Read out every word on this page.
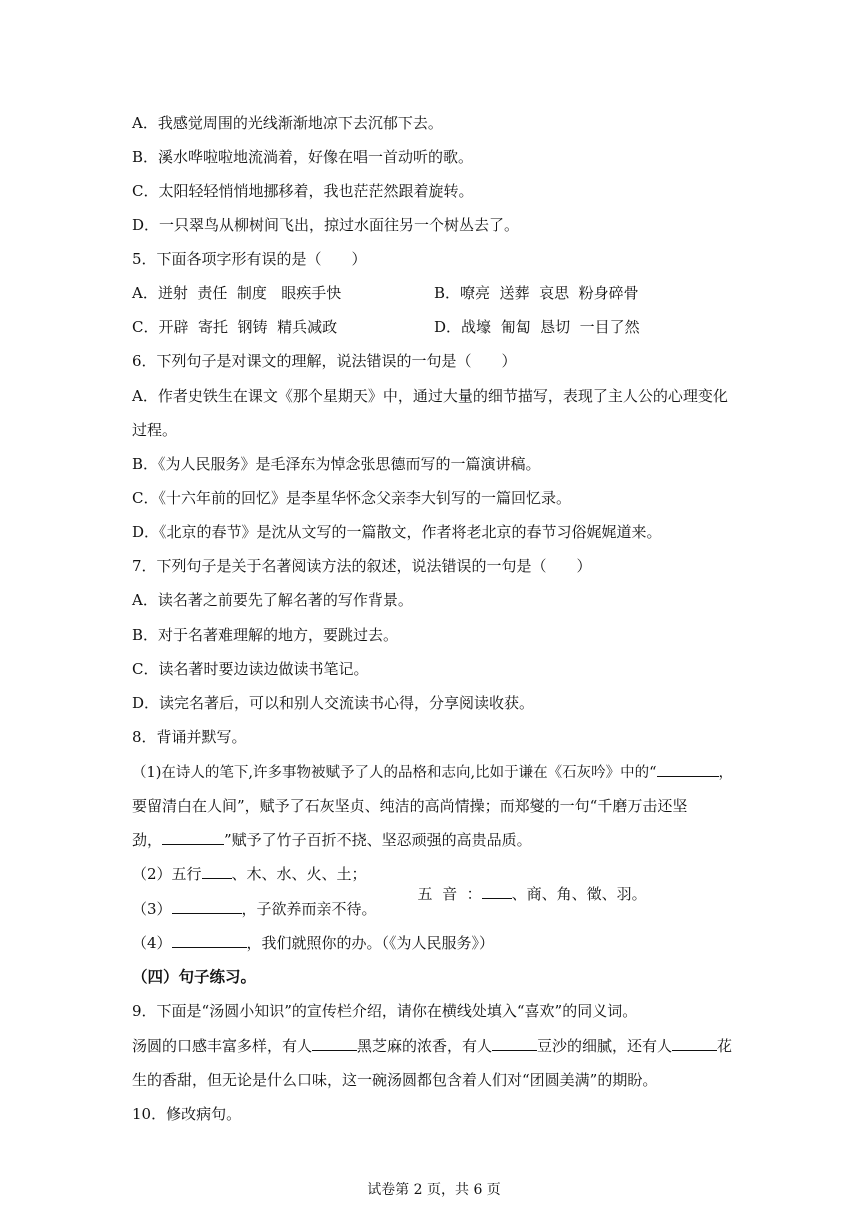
A．我感觉周围的光线渐渐地凉下去沉郁下去。
B．溪水哗啦啦地流淌着，好像在唱一首动听的歌。
C．太阳轻轻悄悄地挪移着，我也茫茫然跟着旋转。
D．一只翠鸟从柳树间飞出，掠过水面往另一个树丛去了。
5．下面各项字形有误的是（　　）
A．迸射  责任  制度   眼疾手快	B．嘹亮  送葬  哀思  粉身碎骨
C．开辟  寄托  钢铸  精兵减政	D．战壕  匍匐  恳切  一目了然
6．下列句子是对课文的理解，说法错误的一句是（　　）
A．作者史铁生在课文《那个星期天》中，通过大量的细节描写，表现了主人公的心理变化
过程。
B．《为人民服务》是毛泽东为悼念张思德而写的一篇演讲稿。
C．《十六年前的回忆》是李星华怀念父亲李大钊写的一篇回忆录。
D．《北京的春节》是沈从文写的一篇散文，作者将老北京的春节习俗娓娓道来。
7．下列句子是关于名著阅读方法的叙述，说法错误的一句是（　　）
A．读名著之前要先了解名著的写作背景。
B．对于名著难理解的地方，要跳过去。
C．读名著时要边读边做读书笔记。
D．读完名著后，可以和别人交流读书心得，分享阅读收获。
8．背诵并默写。
（1)在诗人的笔下,许多事物被赋予了人的品格和志向,比如于谦在《石灰吟》中的“	，
要留清白在人间”，赋予了石灰坚贞、纯洁的高尚情操；而郑燮的一句“千磨万击还坚
劲，	”赋予了竹子百折不挠、坚忍顽强的高贵品质。
（2）五行 、木、水、火、土；

五  音  ： 、商、角、徵、羽。

（3）	，子欲养而亲不待。
（4）	，我们就照你的办。（《为人民服务》）
（四）句子练习。
9．下面是“汤圆小知识”的宣传栏介绍，请你在横线处填入“喜欢”的同义词。
汤圆的口感丰富多样，有人	黑芝麻的浓香，有人	豆沙的细腻，还有人	花
生的香甜，但无论是什么口味，这一碗汤圆都包含着人们对“团圆美满”的期盼。
10．修改病句。
试卷第 2 页，共 6 页
